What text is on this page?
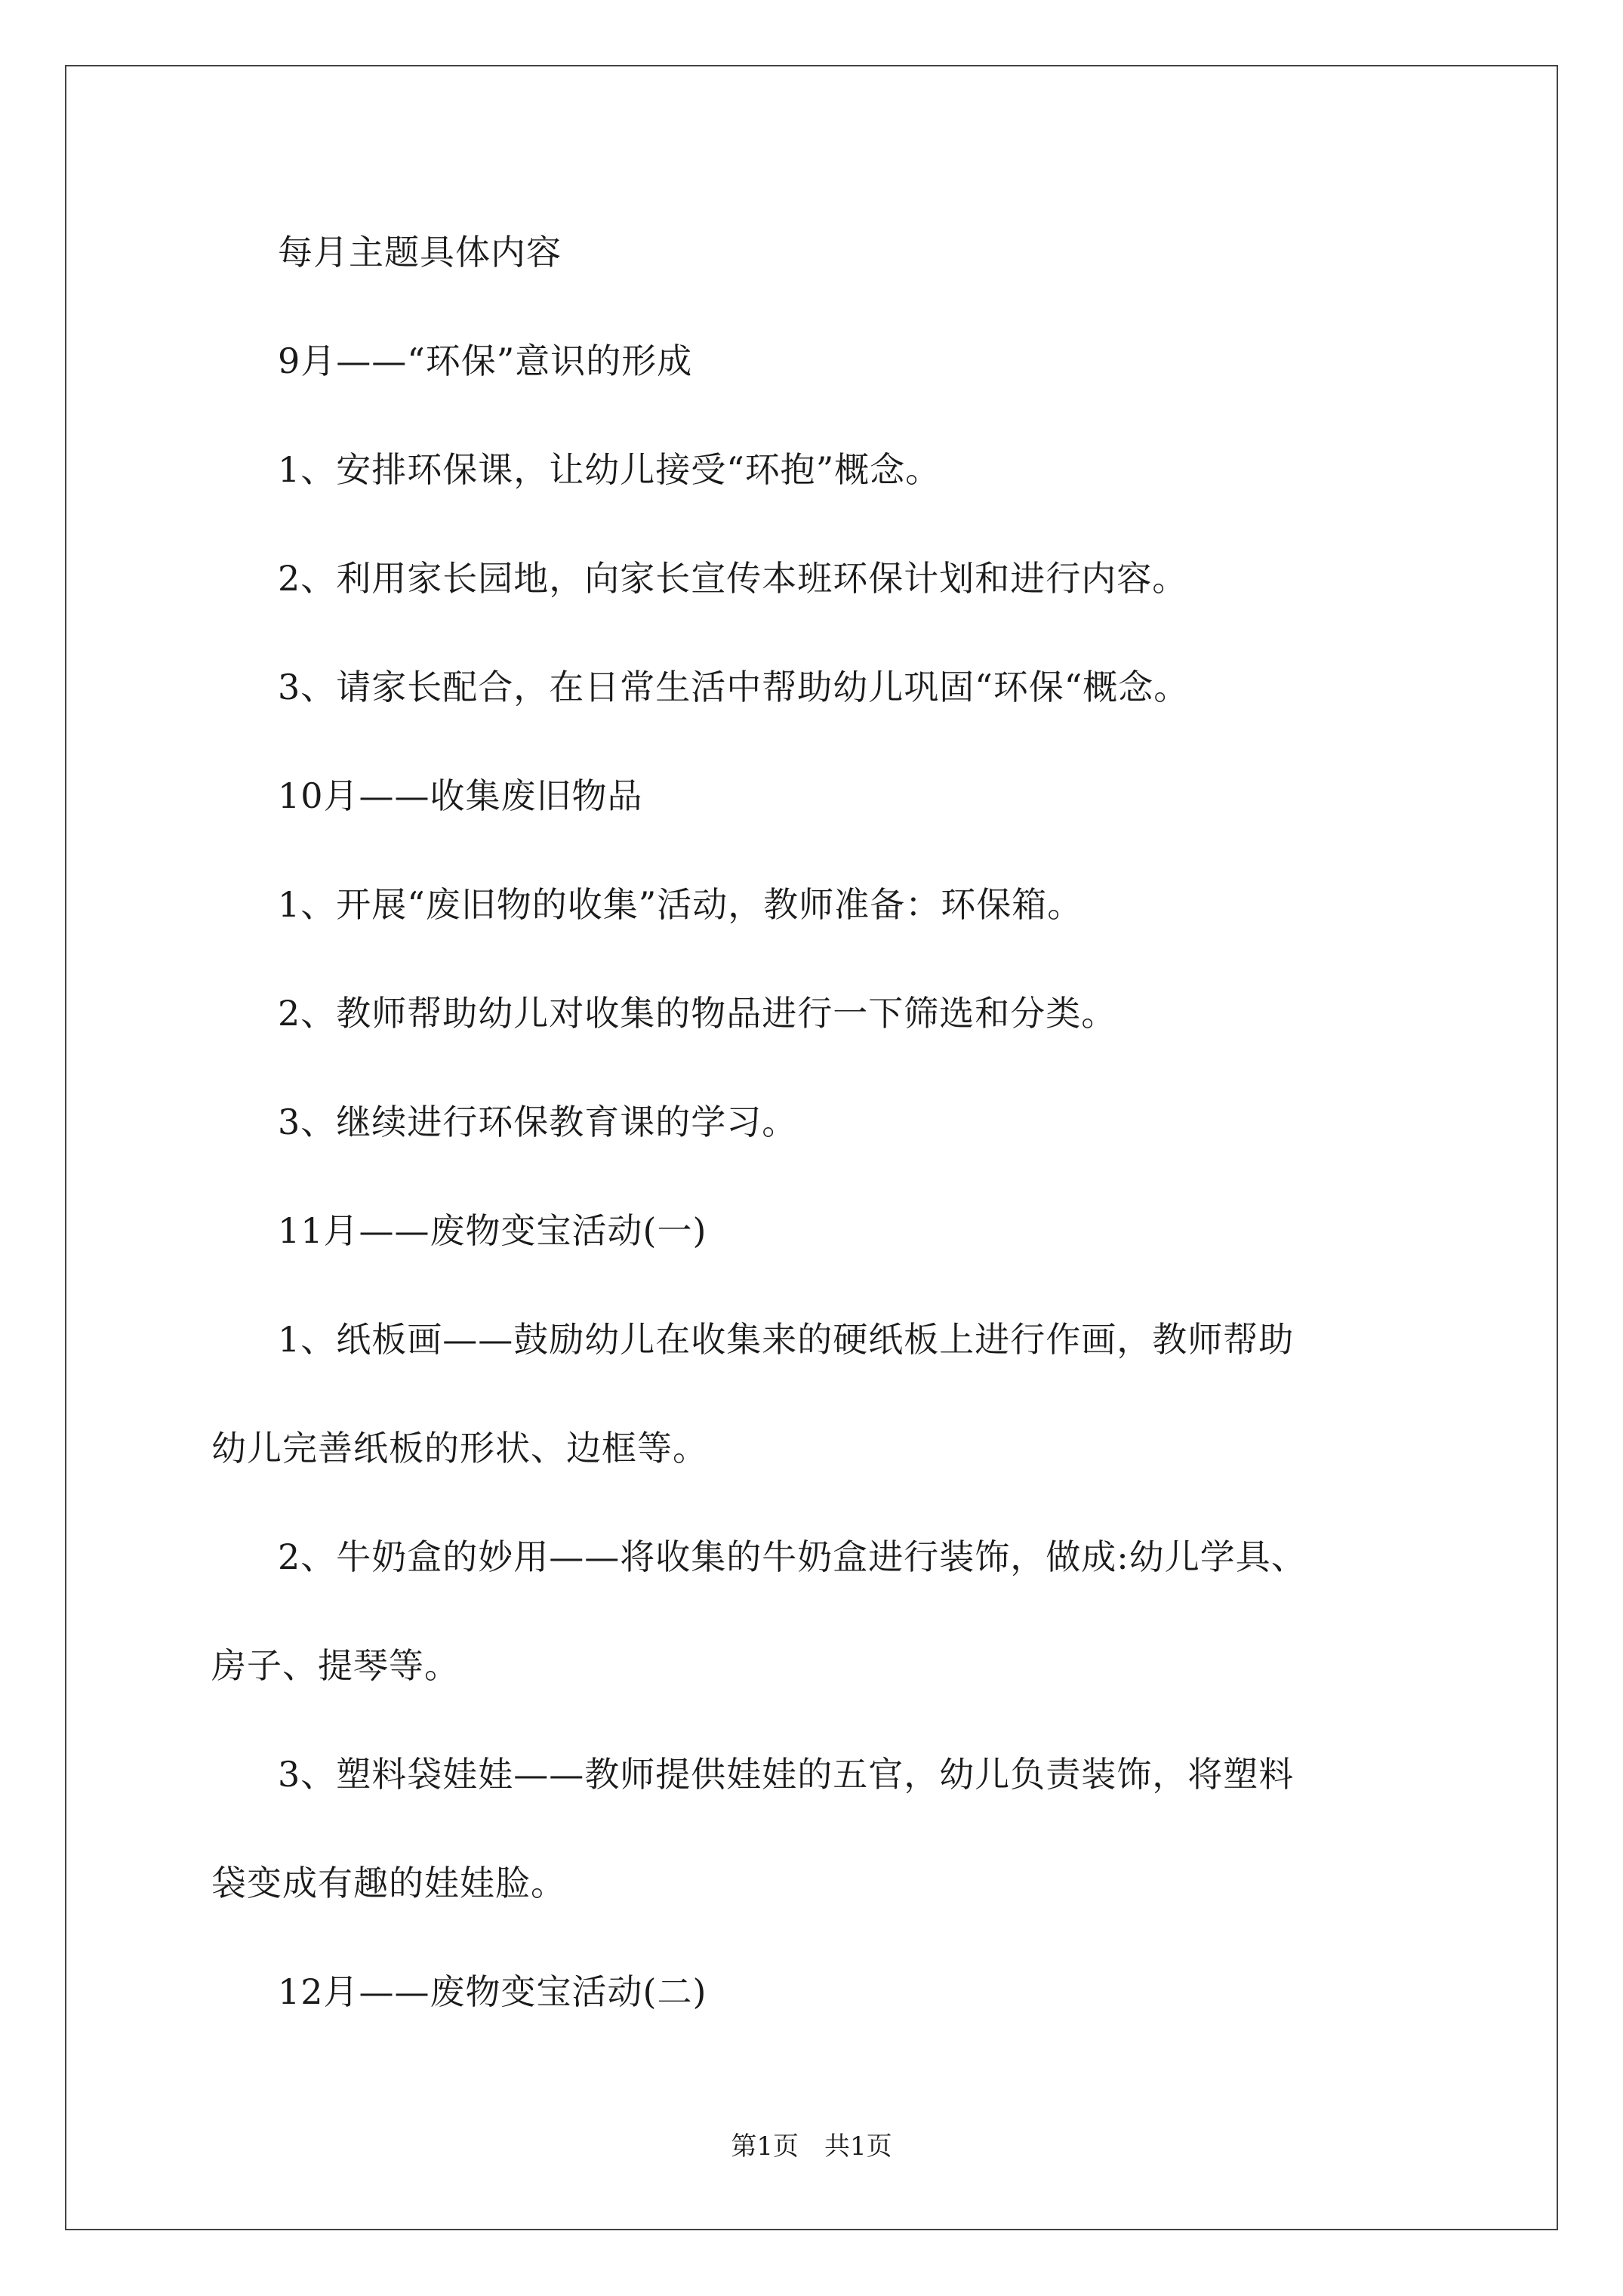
每月主题具体内容
9月——“环保”意识的形成
1、安排环保课，让幼儿接受“环抱”概念。
2、利用家长园地，向家长宣传本班环保计划和进行内容。
3、请家长配合，在日常生活中帮助幼儿巩固“环保“概念。
10月——收集废旧物品
1、开展“废旧物的收集”活动，教师准备：环保箱。
2、教师帮助幼儿对收集的物品进行一下筛选和分类。
3、继续进行环保教育课的学习。
11月——废物变宝活动(一)
1、纸板画——鼓励幼儿在收集来的硬纸板上进行作画，教师帮助
幼儿完善纸板的形状、边框等。
2、牛奶盒的妙用——将收集的牛奶盒进行装饰，做成:幼儿学具、
房子、提琴等。
3、塑料袋娃娃——教师提供娃娃的五官，幼儿负责装饰，将塑料
袋变成有趣的娃娃脸。
12月——废物变宝活动(二)
第1页　共1页
